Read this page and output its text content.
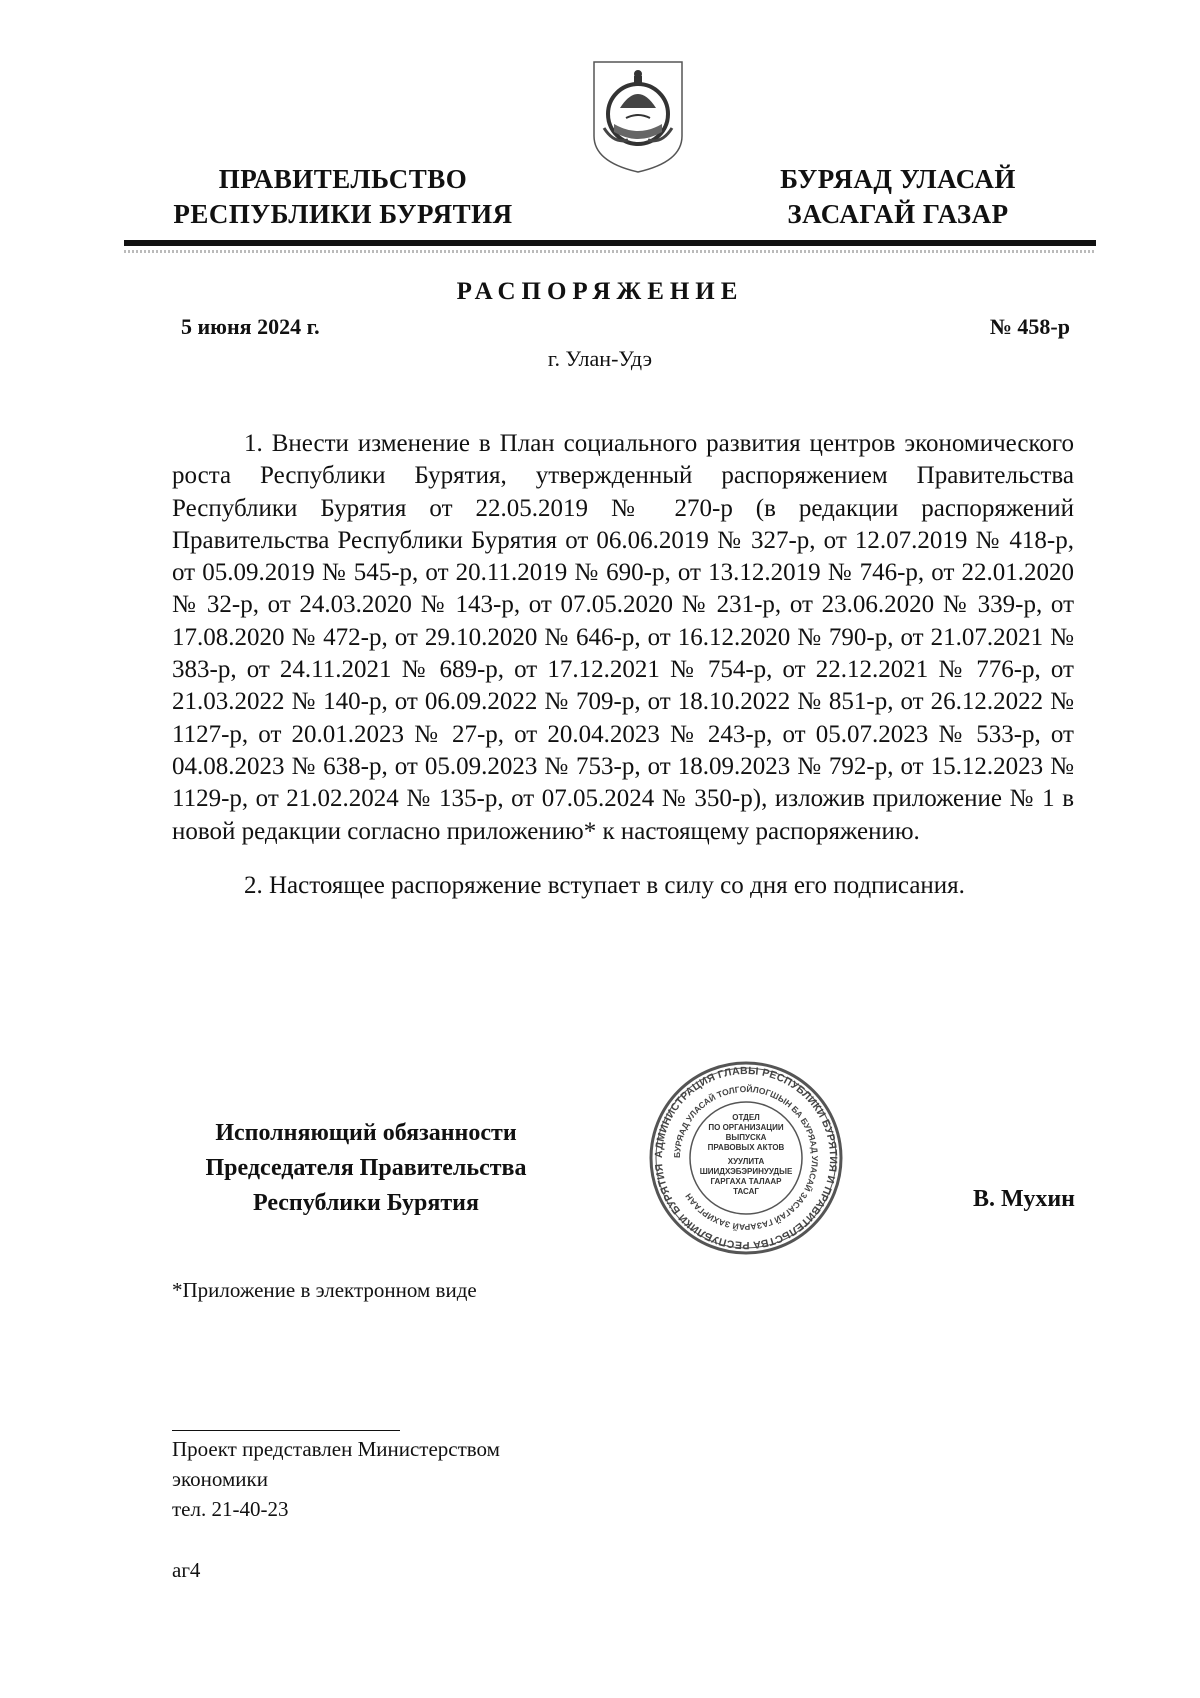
ПРАВИТЕЛЬСТВО
РЕСПУБЛИКИ БУРЯТИЯ
БУРЯАД УЛАСАЙ
ЗАСАГАЙ ГАЗАР
РАСПОРЯЖЕНИЕ
5 июня 2024 г.	№ 458-р
г. Улан-Удэ

1. Внести изменение в План социального развития центров экономического роста Республики Бурятия, утвержденный распоряжением Правительства Республики Бурятия от 22.05.2019 № 270-р (в редакции распоряжений Правительства Республики Бурятия от 06.06.2019 № 327-р, от 12.07.2019 № 418-р, от 05.09.2019 № 545-р, от 20.11.2019 № 690-р, от 13.12.2019 № 746-р, от 22.01.2020 № 32-р, от 24.03.2020 № 143-р, от 07.05.2020 № 231-р, от 23.06.2020 № 339-р, от 17.08.2020 № 472-р, от 29.10.2020 № 646-р, от 16.12.2020 № 790-р, от 21.07.2021 № 383-р, от 24.11.2021 № 689-р, от 17.12.2021 № 754-р, от 22.12.2021 № 776-р, от 21.03.2022 № 140-р, от 06.09.2022 № 709-р, от 18.10.2022 № 851-р, от 26.12.2022 № 1127-р, от 20.01.2023 № 27-р, от 20.04.2023 № 243-р, от 05.07.2023 № 533-р, от 04.08.2023 № 638-р, от 05.09.2023 № 753-р, от 18.09.2023 № 792-р, от 15.12.2023 № 1129-р, от 21.02.2024 № 135-р, от 07.05.2024 № 350-р), изложив приложение № 1 в новой редакции согласно приложению* к настоящему распоряжению.

2. Настоящее распоряжение вступает в силу со дня его подписания.

Исполняющий обязанности
Председателя Правительства
Республики Бурятия
АДМИНИСТРАЦИЯ ГЛАВЫ РЕСПУБЛИКИ БУРЯТИЯ И ПРАВИТЕЛЬСТВА РЕСПУБЛИКИ БУРЯТИЯ
БУРЯАД УЛАСАЙ ТОЛГОЙЛОГШЫН БА БУРЯАД УЛАСАЙ ЗАСАГАЙ ГАЗАРАЙ ЗАХИРГААН
ОТДЕЛ
ПО ОРГАНИЗАЦИИ
ВЫПУСКА
ПРАВОВЫХ АКТОВ
ХУУЛИТА
ШИИДХЭБЭРИНУУДЫЕ
ГАРГАХА ТАЛААР
ТАСАГ	В. Мухин
*Приложение в электронном виде
Проект представлен Министерством
экономики
тел. 21-40-23
аг4
